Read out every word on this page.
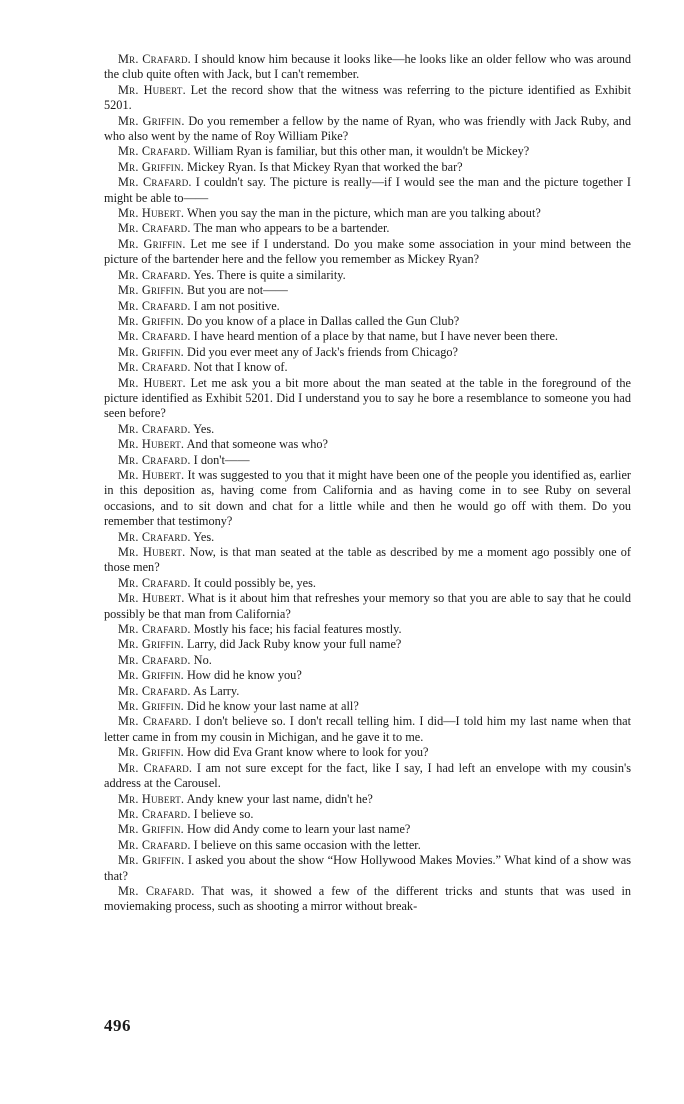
Mr. Crafard. I should know him because it looks like—he looks like an older fellow who was around the club quite often with Jack, but I can't remember.

Mr. Hubert. Let the record show that the witness was referring to the picture identified as Exhibit 5201.

Mr. Griffin. Do you remember a fellow by the name of Ryan, who was friendly with Jack Ruby, and who also went by the name of Roy William Pike?

Mr. Crafard. William Ryan is familiar, but this other man, it wouldn't be Mickey?

Mr. Griffin. Mickey Ryan. Is that Mickey Ryan that worked the bar?

Mr. Crafard. I couldn't say. The picture is really—if I would see the man and the picture together I might be able to——

Mr. Hubert. When you say the man in the picture, which man are you talking about?

Mr. Crafard. The man who appears to be a bartender.

Mr. Griffin. Let me see if I understand. Do you make some association in your mind between the picture of the bartender here and the fellow you remember as Mickey Ryan?

Mr. Crafard. Yes. There is quite a similarity.

Mr. Griffin. But you are not——

Mr. Crafard. I am not positive.

Mr. Griffin. Do you know of a place in Dallas called the Gun Club?

Mr. Crafard. I have heard mention of a place by that name, but I have never been there.

Mr. Griffin. Did you ever meet any of Jack's friends from Chicago?

Mr. Crafard. Not that I know of.

Mr. Hubert. Let me ask you a bit more about the man seated at the table in the foreground of the picture identified as Exhibit 5201. Did I understand you to say he bore a resemblance to someone you had seen before?

Mr. Crafard. Yes.

Mr. Hubert. And that someone was who?

Mr. Crafard. I don't——

Mr. Hubert. It was suggested to you that it might have been one of the people you identified as, earlier in this deposition as, having come from California and as having come in to see Ruby on several occasions, and to sit down and chat for a little while and then he would go off with them. Do you remember that testimony?

Mr. Crafard. Yes.

Mr. Hubert. Now, is that man seated at the table as described by me a moment ago possibly one of those men?

Mr. Crafard. It could possibly be, yes.

Mr. Hubert. What is it about him that refreshes your memory so that you are able to say that he could possibly be that man from California?

Mr. Crafard. Mostly his face; his facial features mostly.

Mr. Griffin. Larry, did Jack Ruby know your full name?

Mr. Crafard. No.

Mr. Griffin. How did he know you?

Mr. Crafard. As Larry.

Mr. Griffin. Did he know your last name at all?

Mr. Crafard. I don't believe so. I don't recall telling him. I did—I told him my last name when that letter came in from my cousin in Michigan, and he gave it to me.

Mr. Griffin. How did Eva Grant know where to look for you?

Mr. Crafard. I am not sure except for the fact, like I say, I had left an envelope with my cousin's address at the Carousel.

Mr. Hubert. Andy knew your last name, didn't he?

Mr. Crafard. I believe so.

Mr. Griffin. How did Andy come to learn your last name?

Mr. Crafard. I believe on this same occasion with the letter.

Mr. Griffin. I asked you about the show “How Hollywood Makes Movies.” What kind of a show was that?

Mr. Crafard. That was, it showed a few of the different tricks and stunts that was used in moviemaking process, such as shooting a mirror without break-

496
